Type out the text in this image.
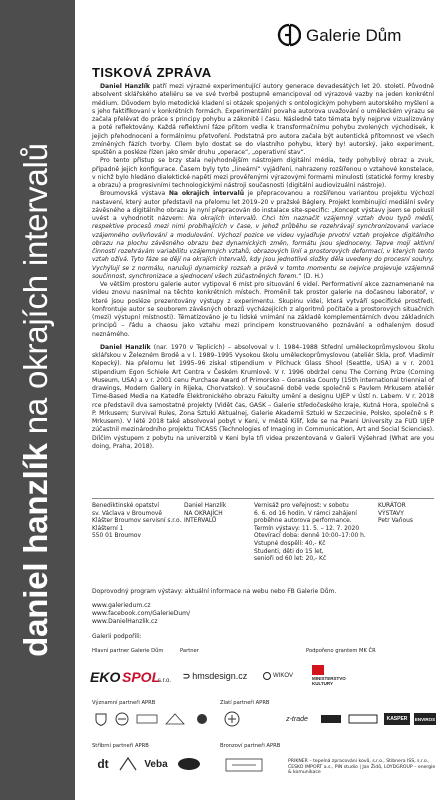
daniel hanzlík na okrajích intervalů
Galerie Dům
TISKOVÁ ZPRÁVA

Daniel Hanzlík patří mezi výrazné experimentující autory generace devadesátých let 20. století. Původně absolvent sklářského ateliéru se ve své tvorbě postupně emancipoval od výrazové vazby na jeden konkrétní médium. Důvodem bylo metodické kladení si otázek spojených s ontologickým pohybem autorského myšlení a s jeho faktifikovaní v konkrétních formách. Experimentální povaha autorova uvažování o uměleckém výrazu se začala přelévat do práce s principy pohybu a zákonitě i času. Následně tato témata byly nejprve vizualizovány a poté reflektovány. Každá reflektivní fáze přitom vedla k transformačnímu pohybu zvolených východisek, k jejich přehodnocení a formálnímu přetvoření. Podstatná pro autora začala být autentická přítomnost ve všech zmíněných fázích tvorby. Cílem bylo dostat se do vlastního pohybu, který by! autorský, jako experiment, spuštěn a posléze řízen jako směr druhu „operace“, „operativní stav“.

Pro tento přístup se brzy stala nejvhodnějším nástrojem digitální média, tedy pohyblivý obraz a zvuk, případně jejich konfigurace. Časem byly tyto „lineární“ vyjádření, nahrazeny rozšířenou o vztahové konstelace, v nichž bylo hledáno dialektické napětí mezi prověřenými výrazovými formami minulosti (statické formy kresby a obrazu) a progresivními technologickými nástroji současnosti (digitální audiovizuální nástroje).

Broumovská výstava Na okrajích intervalů je přepracovanou a rozšířenou variantou projektu Výchozí nastavení, který autor představil na přelomu let 2019–20 v pražské Báglery. Projekt kombinující mediální svěry závěsného a digitálního obrazu je nyní přepracován do instalace site-specific: „Koncept výstavy jsem se pokusil uvést a vyhodnotit názvem: Na okrajích intervalů. Chci tím naznačit vzájemný vztah dvou typů médií, respektive procesů mezi nimi probíhajících v čase, v jehož průběhu se rozehrávají synchronizovaná variace vzájemného ovlivňování a modulování. Výchozí pozice ve videu vyjadřuje prvotní vztah projekce digitálního obrazu na plochu závěsného obrazu bez dynamických změn, formátu jsou sjednoceny. Tepve mojí aktivní činností rozehrávám variabilitu vzájemných vztahů, obrazových linií a prostorových deformací, v kterých tento vztah ožívá. Tyto fáze se dějí na okrajích intervalů, kdy jsou jednotlivé složky děla uvedeny do procesní souhry. Vychýlují se z normálu, narušuji dynamický rozsah a právě v tomto momentu se nejvíce projevuje vzájemná součinnost, synchronizace a sjednocení všech zúčastněných forem.“ (D. H.)

Ve větším prostoru galerie autor vytipoval 6 míst pro situování 6 videí. Performativní akce zaznamenané na videu znovu nasnímal na těchto konkrétních místech. Proměnil tak prostor galerie na dočasnou laboratoř, v které jsou posléze prezentovány výstupy z experimentu. Skupinu videí, která vytváří specifické prostředí, konfrontuje autor se souborem závěsných obrazů vycházejících z algoritmů počítače a prostorových situačních (mezi) výstupní místnosti). Tématizováno je tu lidské vnímání na základě komplementárních dvou základních principů – řádu a chaosu jako vztahu mezi principem konstruovaného poznávání a odhaleným dosud neznámého.

Daniel Hanzlík (nar. 1970 v Teplicích) – absolvoval v l. 1984–1988 Střední uměleckoprůmyslovou školu sklářskou v Železném Brodě a v l. 1989–1995 Vysokou školu uměleckoprůmyslovou (ateliér Skla, prof. Vladimír Kopecký). Na přelomu let 1995–96 získal stipendium v Pilchuck Glass Shool (Seattle, USA) a v r. 2001 stipendium Egon Schiele Art Centra v Českém Krumlově. V r. 1996 obdržel cenu The Corning Prize (Corning Museum, USA) a v r. 2001 cenu Purchase Award of Primorsko – Goranska County (15th international triennial of drawings, Modern Gallery in Rijeka, Chorvatsko). V současné době vede společně s Pavlem Mrkusem ateliér Time-Based Media na Katedře Elektronického obrazu Fakulty umění a designu UJEP v Ústí n. Labem. V r. 2018 rce představil dva samostatné projekty (Vidět čas, GASK – Galerie středočeského kraje, Kutná Hora, společně s P. Mrkusem; Survival Rules, Zona Sztuki Aktualnej, Galerie Akademii Sztuki w Szczecinie, Polsko, společně s P. Mrkusem). V létě 2018 také absolvoval pobyt v Keni, v městě Kilif, kde se na Pwani University za FUD UJEP zúčastnil mezinárodního projektu TICASS (Technologies of Imaging in Communication, Art and Social Sciencies). Dílčím výstupem z pobytu na univerzitě v Keni byla tři videa prezentovaná v Galerii Výšehrad (What are you doing, Praha, 2018).

Benediktinské opatství
sv. Václava v Broumově
Klášter Broumov servisní s.r.o.
Klášterní 1
550 01 Broumov
Daniel Hanzlík
NA OKRAJÍCH
INTERVALŮ
Vernisáž pro veřejnost: v sobotu
6. 6. od 16 hodin. V rámci zahájení
proběhne autorova performance.
Termín výstavy: 11. 5. – 12. 7. 2020
Otevírací doba: denně 10:00–17:00 h.
Vstupné dospělí: 40,- Kč
Studenti, děti do 15 let,
senioři od 60 let: 20,- Kč
KURÁTOR
VÝSTAVY
Petr Vaňous
Doprovodný program výstavy: aktuální informace na webu nebo FB Galerie Dům.
www.galeriedum.cz
www.facebook.com/GalerieDum/
www.DanielHanzlik.cz
Galerii podpořili:
Hlavní partner Galerie Dům	Partner	Podpořeno grantem MK ČR
EKO SPOL
s.r.o.
⊃ hmsdesign.cz	WIKOV	MINISTERSTVO KULTURY
Významní partneři APRB	Zlatí partneři APRB
z-trade	KASPER	ENVIROS
Stříbrní partneři APRB	Bronzoví partneři APRB
dt	Veba	PRIKNER – tepelná zpracování kovů, s.r.o., Stibnera ISS, s.r.o., ČESKO IMPORT a.s., PIN studio | Jan Židů, LOYDGROUP – energie & komunikace
